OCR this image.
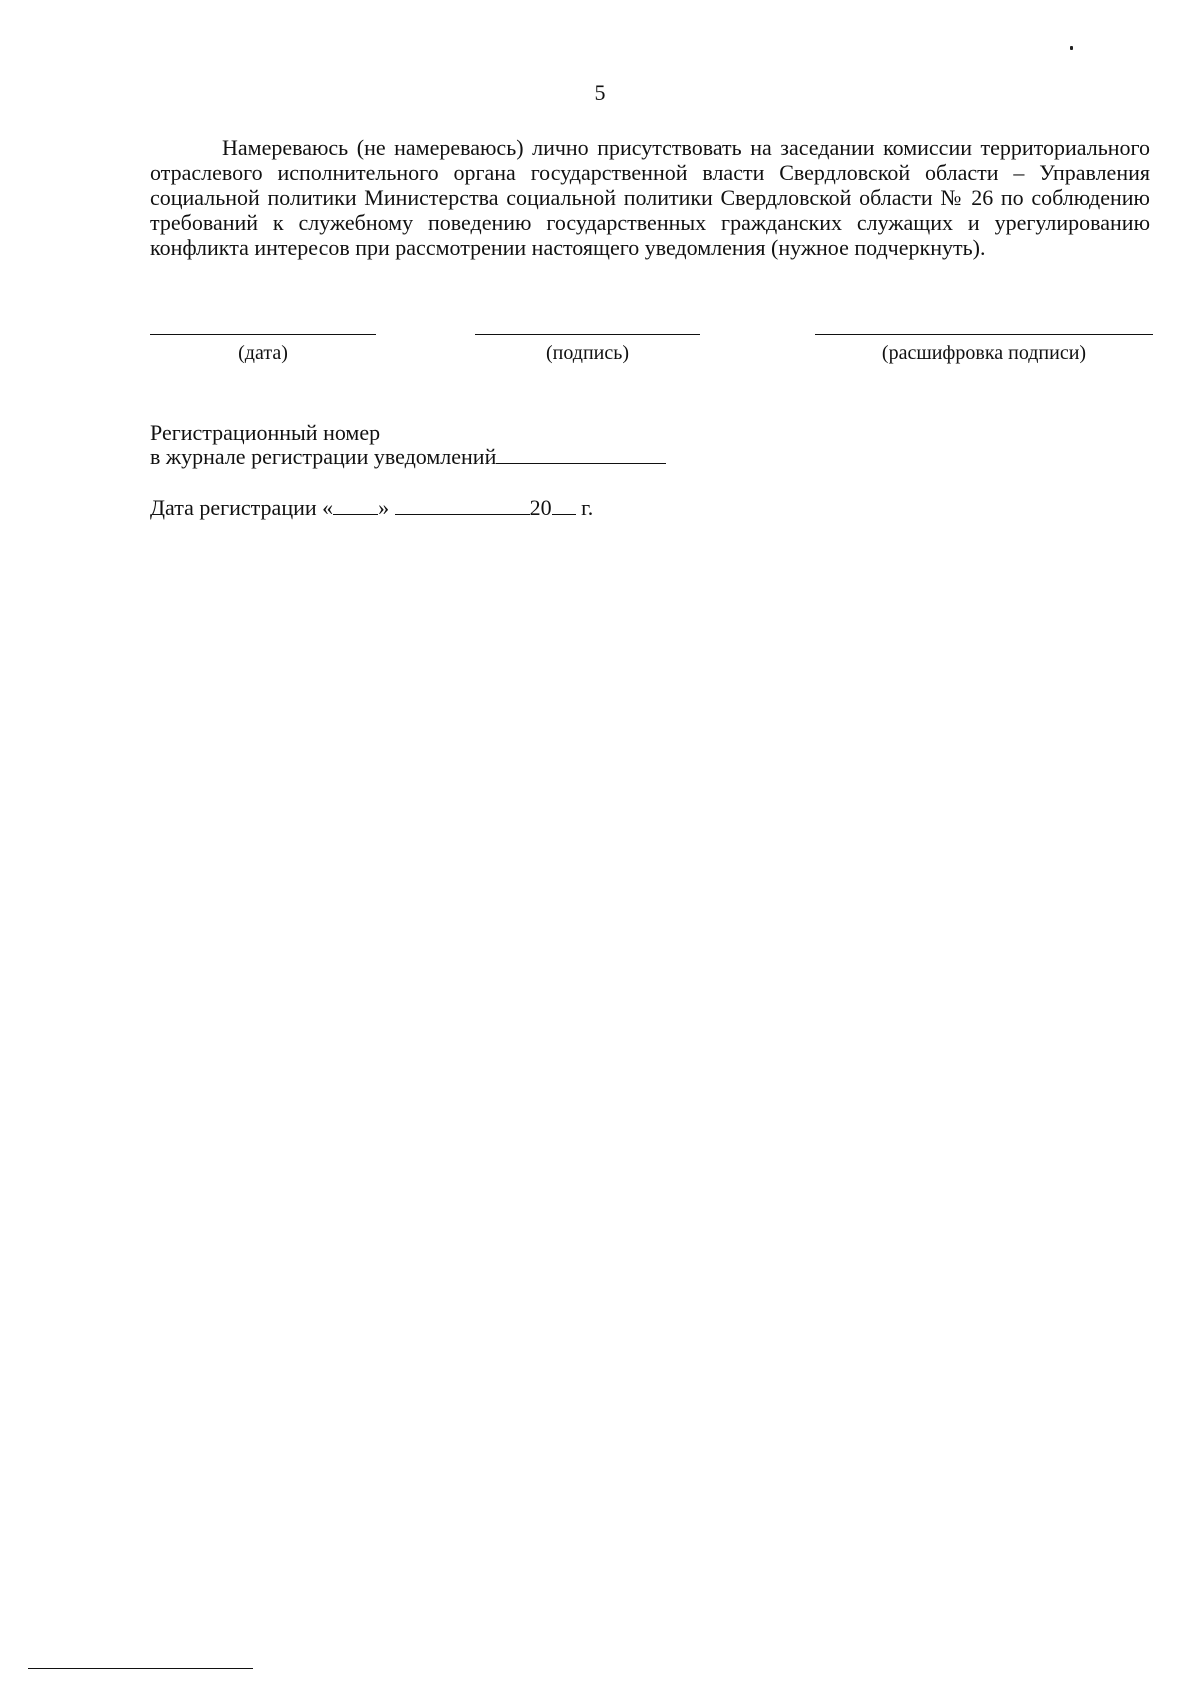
5

Намереваюсь (не намереваюсь) лично присутствовать на заседании комиссии территориального отраслевого исполнительного органа государственной власти Свердловской области – Управления социальной политики Министерства социальной политики Свердловской области № 26 по соблюдению требований к служебному поведению государственных гражданских служащих и урегулированию конфликта интересов при рассмотрении настоящего уведомления (нужное подчеркнуть).

(дата)	(подпись)	(расшифровка подписи)
Регистрационный номер
в журнале регистрации уведомлений
Дата регистрации « »	20 г.
